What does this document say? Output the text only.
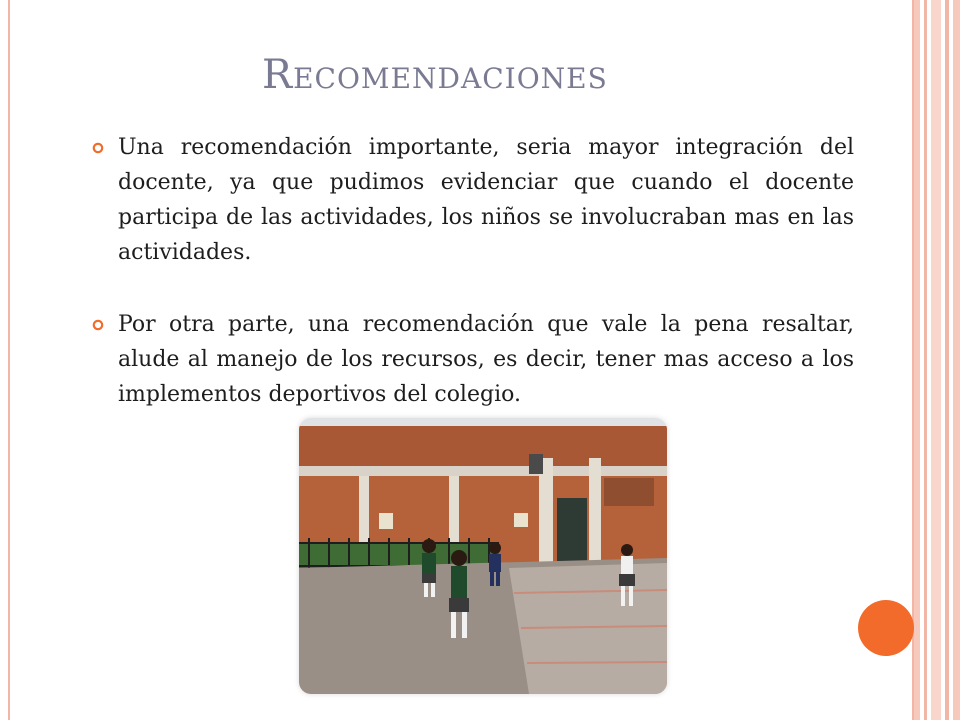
Recomendaciones
Una recomendación importante, seria mayor integración del docente, ya que pudimos evidenciar que cuando el docente participa de las actividades, los niños se involucraban mas en las actividades.
Por otra parte, una recomendación que vale la pena resaltar, alude al manejo de los recursos, es decir, tener mas acceso a los implementos deportivos del colegio.
